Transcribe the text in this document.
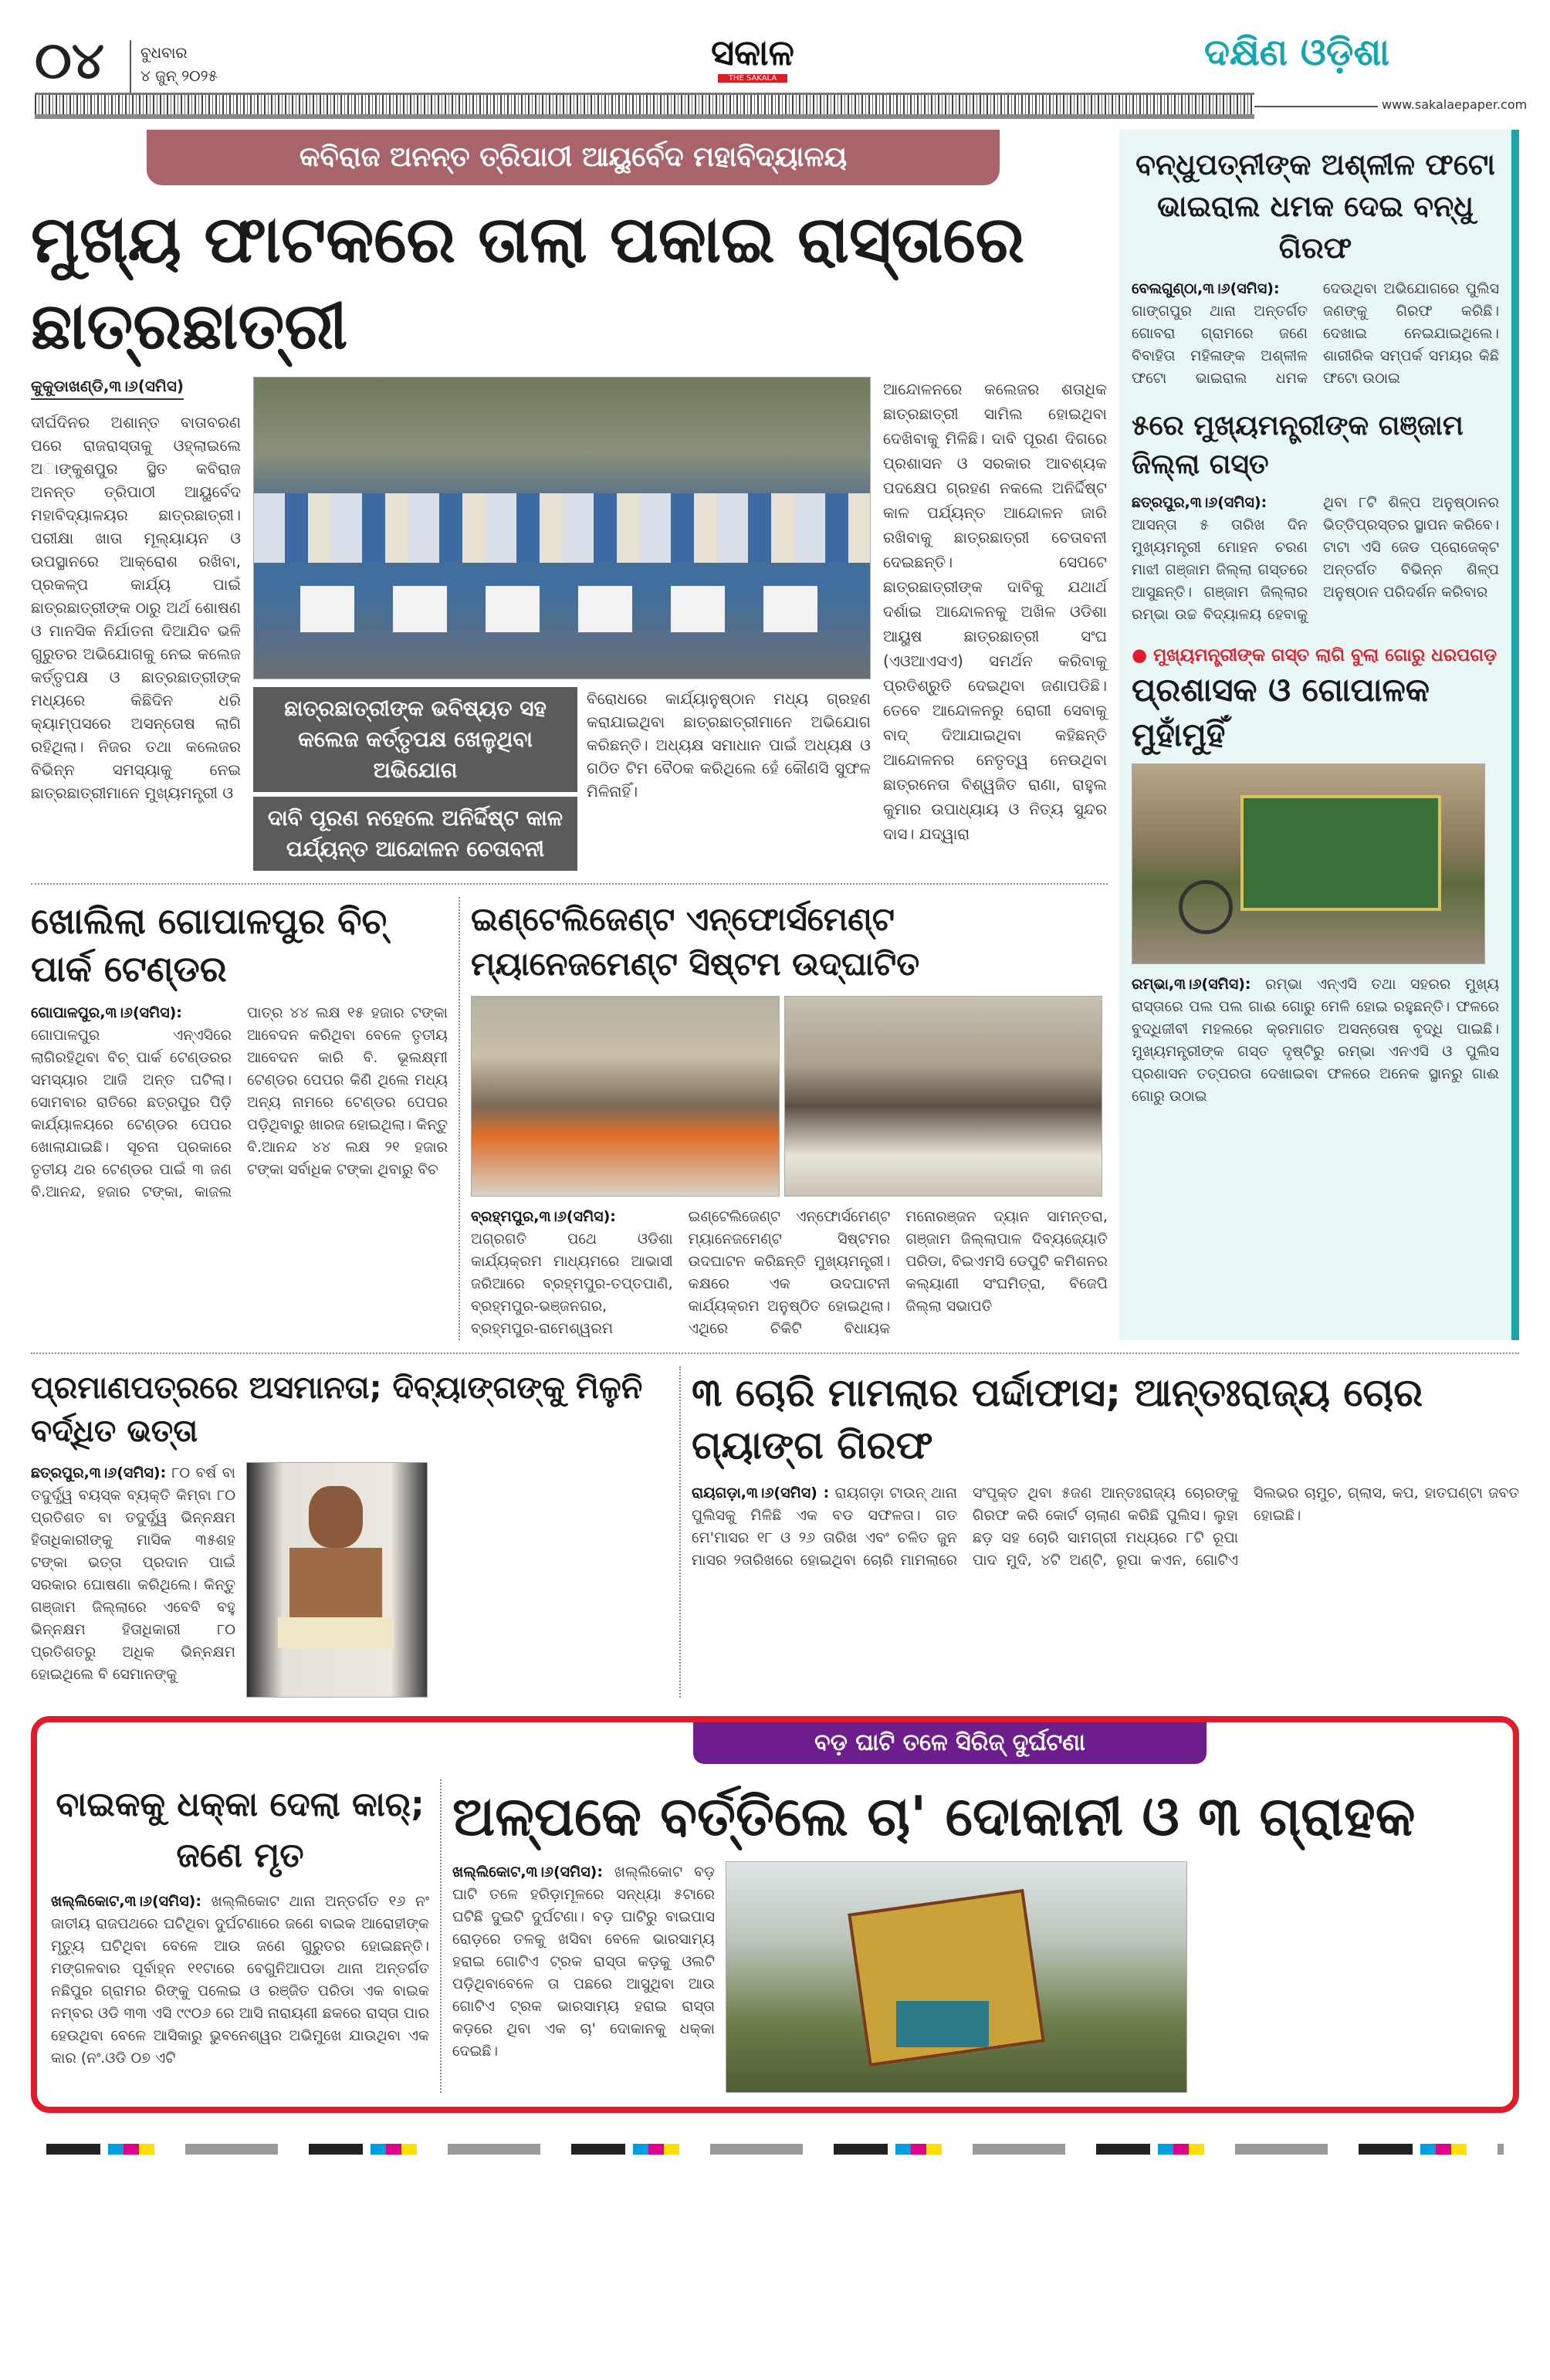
୦୪ ବୁଧବାର
୪ ଜୁନ୍ ୨୦୨୫
ସକାଳ
THE SAKALA
ଦକ୍ଷିଣ ଓଡ଼ିଶା
www.sakalaepaper.com
କବିରାଜ ଅନନ୍ତ ତ୍ରିପାଠୀ ଆୟୁର୍ବେଦ ମହାବିଦ୍ୟାଳୟ
ମୁଖ୍ୟ ଫାଟକରେ ତାଲା ପକାଇ ରାସ୍ତାରେ ଛାତ୍ରଛାତ୍ରୀ
କୁକୁଡାଖଣ୍ଡି,୩।୬(ସମିସ)
ଦୀର୍ଘଦିନର ଅଶାନ୍ତ ବାତାବରଣ ପରେ ରାଜରାସ୍ତାକୁ ଓହ୍ଲାଇଲେ ଅାଙ୍କୁଶପୁର ସ୍ଥିତ କବିରାଜ ଅନନ୍ତ ତ୍ରିପାଠୀ ଆୟୁର୍ବେଦ ମହାବିଦ୍ୟାଳୟର ଛାତ୍ରଛାତ୍ରୀ। ପରୀକ୍ଷା ଖାତା ମୂଲ୍ୟାୟନ ଓ ଉପସ୍ଥାନରେ ଆକ୍ରୋଶ ରଖିବା, ପ୍ରକଳ୍ପ କାର୍ଯ୍ୟ ପାଇଁ ଛାତ୍ରଛାତ୍ରୀଙ୍କ ଠାରୁ ଅର୍ଥ ଶୋଷଣ ଓ ମାନସିକ ନିର୍ଯାତନା ଦିଆଯିବ ଭଳି ଗୁରୁତର ଅଭିଯୋଗକୁ ନେଇ କଲେଜ କର୍ତ୍ତୃପକ୍ଷ ଓ ଛାତ୍ରଛାତ୍ରୀଙ୍କ ମଧ୍ୟରେ କିଛିଦିନ ଧରି କ୍ୟାମ୍ପସରେ ଅସନ୍ତୋଷ ଲାଗି ରହିଥିଲା। ନିଜର ତଥା କଲେଜର ବିଭିନ୍ନ ସମସ୍ୟାକୁ ନେଇ ଛାତ୍ରଛାତ୍ରୀମାନେ ମୁଖ୍ୟମନ୍ତ୍ରୀ ଓ
ଛାତ୍ରଛାତ୍ରୀଙ୍କ ଭବିଷ୍ୟତ ସହ କଲେଜ କର୍ତ୍ତୃପକ୍ଷ ଖେଳୁଥିବା ଅଭିଯୋଗ
ଦାବି ପୂରଣ ନହେଲେ ଅନିର୍ଦ୍ଦିଷ୍ଟ କାଳ ପର୍ଯ୍ୟନ୍ତ ଆନ୍ଦୋଳନ ଚେତାବନୀ
ବିରୋଧରେ କାର୍ଯ୍ୟାନୁଷ୍ଠାନ ମଧ୍ୟ ଗ୍ରହଣ କରାଯାଇଥିବା ଛାତ୍ରଛାତ୍ରୀମାନେ ଅଭିଯୋଗ କରିଛନ୍ତି। ଅଧ୍ୟକ୍ଷ ସମାଧାନ ପାଇଁ ଅଧ୍ୟକ୍ଷ ଓ ଗଠିତ ଟିମ ବୈଠକ କରିଥିଲେ ହେଁ କୌଣସି ସୁଫଳ ମିଳିନାହିଁ।
ଆନ୍ଦୋଳନରେ କଲେଜର ଶତାଧିକ ଛାତ୍ରଛାତ୍ରୀ ସାମିଲ ହୋଇଥିବା ଦେଖିବାକୁ ମିଳିଛି। ଦାବି ପୂରଣ ଦିଗରେ ପ୍ରଶାସନ ଓ ସରକାର ଆବଶ୍ୟକ ପଦକ୍ଷେପ ଗ୍ରହଣ ନକଲେ ଅନିର୍ଦ୍ଦିଷ୍ଟ କାଳ ପର୍ଯ୍ୟନ୍ତ ଆନ୍ଦୋଳନ ଜାରି ରଖିବାକୁ ଛାତ୍ରଛାତ୍ରୀ ଚେତାବନୀ ଦେଇଛନ୍ତି। ସେପଟେ ଛାତ୍ରଛାତ୍ରୀଙ୍କ ଦାବିକୁ ଯଥାର୍ଥ ଦର୍ଶାଇ ଆନ୍ଦୋଳନକୁ ଅଖିଳ ଓଡିଶା ଆୟୁଷ ଛାତ୍ରଛାତ୍ରୀ ସଂଘ (ଏଓଆଏସଏ) ସମର୍ଥନ କରିବାକୁ ପ୍ରତିଶ୍ରୁତି ଦେଇଥିବା ଜଣାପଡିଛି। ତେବେ ଆନ୍ଦୋଳନରୁ ରୋଗୀ ସେବାକୁ ବାଦ୍ ଦିଆଯାଇଥିବା କହିଛନ୍ତି ଆନ୍ଦୋଳନର ନେତୃତ୍ୱ ନେଉଥିବା ଛାତ୍ରନେତା ବିଶ୍ୱଜିତ ରାଣା, ରାହୁଲ କୁମାର ଉପାଧ୍ୟାୟ ଓ ନିତ୍ୟ ସୁନ୍ଦର ଦାସ। ଯଦ୍ୱାରା
ଖୋଲିଲା ଗୋପାଳପୁର ବିଚ୍ ପାର୍କ ଟେଣ୍ଡର
ଗୋପାଳପୁର,୩।୬(ସମିସ): ଗୋପାଳପୁର ଏନ୍ଏସିରେ ଲାଗିରହିଥିବା ବିଚ୍ ପାର୍କ ଟେଣ୍ଡରର ସମସ୍ୟାର ଆଜି ଅନ୍ତ ଘଟିଲା। ସୋମବାର ରାତିରେ ଛତ୍ରପୁର ପିଡ଼ି କାର୍ଯ୍ୟାଳୟରେ ଟେଣ୍ଡର ପେପର ଖୋଲାଯାଇଛି। ସୂଚନା ପ୍ରକାରେ ତୃତୀୟ ଥର ଟେଣ୍ଡର ପାଇଁ ୩ ଜଣ ବି.ଆନନ୍ଦ, ହଜାର ଟଙ୍କା, କାଜଲ ପାତ୍ର ୪୪ ଲକ୍ଷ ୧୫ ହଜାର ଟଙ୍କା ଆବେଦନ କରିଥିବା ବେଳେ ତୃତୀୟ ଆବେଦନ କାରି ବି. ଭୂଲକ୍ଷ୍ମୀ ଟେଣ୍ଡର ପେପର କିଣି ଥିଲେ ମଧ୍ୟ ଅନ୍ୟ ନାମରେ ଟେଣ୍ଡର ପେପର ପଡ଼ିଥିବାରୁ ଖାରଜ ହୋଇଥିଲା। କିନ୍ତୁ ବି.ଆନନ୍ଦ ୪୪ ଲକ୍ଷ ୨୧ ହଜାର ଟଙ୍କା ସର୍ବାଧିକ ଟଙ୍କା ଥିବାରୁ ବିଚ
ଇଣ୍ଟେଲିଜେଣ୍ଟ ଏନ୍‌ଫୋର୍ସମେଣ୍ଟ ମ୍ୟାନେଜମେଣ୍ଟ ସିଷ୍ଟମ ଉଦ୍‌ଘାଟିତ
ବ୍ରହ୍ମପୁର,୩।୬(ସମିସ): ଅଗ୍ରଗତି ପଥେ ଓଡିଶା କାର୍ଯ୍ୟକ୍ରମ ମାଧ୍ୟମରେ ଆଭାସୀ ଜରିଆରେ ବ୍ରହ୍ମପୁର-ତପ୍ତପାଣି, ବ୍ରହ୍ମପୁର-ଭଞ୍ଜନଗର, ବ୍ରହ୍ମପୁର-ରାମେଶ୍ୱରମ ଇଣ୍ଟେଲିଜେଣ୍ଟ ଏନ୍ଫୋର୍ସମେଣ୍ଟ ମ୍ୟାନେଜମେଣ୍ଟ ସିଷ୍ଟମର ଉଦଘାଟନ କରିଛନ୍ତି ମୁଖ୍ୟମନ୍ତ୍ରୀ। କକ୍ଷରେ ଏକ ଉଦଘାଟନୀ କାର୍ଯ୍ୟକ୍ରମ ଅନୁଷ୍ଠିତ ହୋଇଥିଲା। ଏଥିରେ ଚିକିଟି ବିଧାୟକ ମନୋରଞ୍ଜନ ଦ୍ୟାନ ସାମନ୍ତରା, ଗଞ୍ଜାମ ଜିଲ୍ଲାପାଳ ଦିବ୍ୟଜ୍ୟୋତି ପରିଡା, ବିଇଏମସି ଡେପୁଟି କମିଶନର କଲ୍ୟାଣୀ ସଂଘମିତ୍ରା, ବିଜେପି ଜିଲ୍ଲା ସଭାପତି
ବନ୍ଧୁପତ୍ନୀଙ୍କ ଅଶ୍ଳୀଳ ଫଟୋ ଭାଇରାଲ ଧମକ ଦେଇ ବନ୍ଧୁ ଗିରଫ
ବେଲଗୁଣ୍ଠା,୩।୬(ସମିସ): ଗାଙ୍ଗପୁର ଥାନା ଅନ୍ତର୍ଗତ ଗୋବରା ଗ୍ରାମରେ ଜଣେ ବିବାହିତା ମହିଳାଙ୍କ ଅଶ୍ଳୀଳ ଫଟୋ ଭାଇରାଲ ଧମକ ଦେଉଥିବା ଅଭିଯୋଗରେ ପୁଲିସ ଜଣଙ୍କୁ ଗିରଫ କରିଛି। ଦେଖାଇ ନେଇଯାଇଥିଲେ। ଶାରୀରିକ ସମ୍ପର୍କ ସମୟର କିଛି ଫଟୋ ଉଠାଇ
୫ରେ ମୁଖ୍ୟମନ୍ତ୍ରୀଙ୍କ ଗଞ୍ଜାମ ଜିଲ୍ଲା ଗସ୍ତ
ଛତ୍ରପୁର,୩।୬(ସମିସ): ଆସନ୍ତା ୫ ତାରିଖ ଦିନ ମୁଖ୍ୟମନ୍ତ୍ରୀ ମୋହନ ଚରଣ ମାଝୀ ଗଞ୍ଜାମ ଜିଲ୍ଲା ଗସ୍ତରେ ଆସୁଛନ୍ତି। ଗଞ୍ଜାମ ଜିଲ୍ଲାର ରମ୍ଭା ଉଚ୍ଚ ବିଦ୍ୟାଳୟ ହେବାକୁ ଥିବା ୮ଟି ଶିଳ୍ପ ଅନୁଷ୍ଠାନର ଭିତ୍ତିପ୍ରସ୍ତର ସ୍ଥାପନ କରିବେ। ଟାଟା ଏସି ଜେଡ ପ୍ରୋଜେକ୍ଟ ଅନ୍ତର୍ଗତ ବିଭିନ୍ନ ଶିଳ୍ପ ଅନୁଷ୍ଠାନ ପରିଦର୍ଶନ କରିବାର
● ମୁଖ୍ୟମନ୍ତ୍ରୀଙ୍କ ଗସ୍ତ ଲାଗି ବୁଲା ଗୋରୁ ଧରପଗଡ଼
ପ୍ରଶାସକ ଓ ଗୋପାଳକ ମୁହାଁମୁହିଁ
ରମ୍ଭା,୩।୬(ସମିସ): ରମ୍ଭା ଏନ୍ଏସି ତଥା ସହରର ମୁଖ୍ୟ ରାସ୍ତାରେ ପଲ ପଲ ଗାଈ ଗୋରୁ ମେଳି ହୋଇ ରହୁଛନ୍ତି। ଫଳରେ ବୁଦ୍ଧିଜୀବୀ ମହଲରେ କ୍ରମାଗତ ଅସନ୍ତୋଷ ବୃଦ୍ଧି ପାଇଛି। ମୁଖ୍ୟମନ୍ତ୍ରୀଙ୍କ ଗସ୍ତ ଦୃଷ୍ଟିରୁ ରମ୍ଭା ଏନଏସି ଓ ପୁଲିସ ପ୍ରଶାସନ ତତ୍ପରତା ଦେଖାଇବା ଫଳରେ ଅନେକ ସ୍ଥାନରୁ ଗାଈ ଗୋରୁ ଉଠାଇ
ପ୍ରମାଣପତ୍ରରେ ଅସମାନତା; ଦିବ୍ୟାଙ୍ଗଙ୍କୁ ମିଳୁନି ବର୍ଦ୍ଧିତ ଭତ୍ତା
ଛତ୍ରପୁର,୩।୬(ସମିସ): ୮୦ ବର୍ଷ ବା ତଦୁର୍ଦ୍ଧ୍ୱ ବୟସ୍କ ବ୍ୟକ୍ତି କିମ୍ବା ୮୦ ପ୍ରତିଶତ ବା ତଦୁର୍ଦ୍ଧ୍ୱ ଭିନ୍ନକ୍ଷମ ହିତାଧିକାରୀଙ୍କୁ ମାସିକ ୩୫ଶହ ଟଙ୍କା ଭତ୍ତା ପ୍ରଦାନ ପାଇଁ ସରକାର ଘୋଷଣା କରିଥିଲେ। କିନ୍ତୁ ଗଞ୍ଜାମ ଜିଲ୍ଲାରେ ଏବେବି ବହୁ ଭିନ୍ନକ୍ଷମ ହିତାଧିକାରୀ ୮୦ ପ୍ରତିଶତରୁ ଅଧିକ ଭିନ୍ନକ୍ଷମ ହୋଇଥିଲେ ବି ସେମାନଙ୍କୁ
୩ ଚୋରି ମାମଲାର ପର୍ଦ୍ଦାଫାସ; ଆନ୍ତଃରାଜ୍ୟ ଚୋର ଗ୍ୟାଙ୍ଗ ଗିରଫ
ରାୟଗଡ଼ା,୩।୬(ସମିସ) : ରାୟଗଡ଼ା ଟାଉନ୍ ଥାନା ପୁଲିସକୁ ମିଳିଛି ଏକ ବଡ ସଫଳତା। ଗତ ମେ'ମାସର ୧୮ ଓ ୨୬ ତାରିଖ ଏବଂ ଚଳିତ ଜୁନ ମାସର ୨ତାରିଖରେ ହୋଇଥିବା ଚୋରି ମାମଲାରେ ସଂପୃକ୍ତ ଥିବା ୫ଜଣ ଆନ୍ତଃରାଜ୍ୟ ଚୋରଙ୍କୁ ଗିରଫ କରି କୋର୍ଟ ଚାଲାଣ କରିଛି ପୁଲିସ। ଲୁହା ଛଡ଼ ସହ ଚୋରି ସାମଗ୍ରୀ ମଧ୍ୟରେ ୮ଟି ରୂପା ପାଦ ମୁଦି, ୪ଟି ଅଣ୍ଟି, ରୂପା କଏନ, ଗୋଟିଏ ସିଲଭର ଚାମୁଚ, ଗ୍ଲାସ, କପ, ହାତଘଣ୍ଟା ଜବତ ହୋଇଛି।
ବଡ଼ ଘାଟି ତଳେ ସିରିଜ୍ ଦୁର୍ଘଟଣା
ବାଇକକୁ ଧକ୍କା ଦେଲା କାର୍; ଜଣେ ମୃତ
ଖଲ୍ଲିକୋଟ,୩।୬(ସମିସ): ଖଲ୍ଲିକୋଟ ଥାନା ଅନ୍ତର୍ଗତ ୧୬ ନଂ ଜାତୀୟ ରାଜପଥରେ ଘଟିଥିବା ଦୁର୍ଘଟଣାରେ ଜଣେ ବାଇକ ଆରୋହୀଙ୍କ ମୃତ୍ୟୁ ଘଟିଥିବା ବେଳେ ଆଉ ଜଣେ ଗୁରୁତର ହୋଇଛନ୍ତି। ମଙ୍ଗଳବାର ପୂର୍ବାହ୍ନ ୧୧ଟାରେ ବେଗୁନିଆପଡା ଥାନା ଅନ୍ତର୍ଗତ ନଛିପୁର ଗ୍ରାମର ରିଙ୍କୁ ପଲେଇ ଓ ରଞ୍ଜିତ ପରିଡା ଏକ ବାଇକ ନମ୍ବର ଓଡି ୩୩ ଏସି ୯୯୦୬ ରେ ଆସି ନାରାୟଣୀ ଛକରେ ରାସ୍ତା ପାର ହେଉଥିବା ବେଳେ ଆସିକାରୁ ଭୁବନେଶ୍ୱର ଅଭିମୁଖେ ଯାଉଥିବା ଏକ କାର (ନଂ.ଓଡି ୦୭ ଏଟି
ଅଳ୍ପକେ ବର୍ତ୍ତିଲେ ଚା' ଦୋକାନୀ ଓ ୩ ଗ୍ରାହକ
ଖଲ୍ଲିକୋଟ,୩।୬(ସମିସ): ଖଲ୍ଲିକୋଟ ବଡ଼ ଘାଟି ତଳେ ହରିଡ଼ାମୂଳରେ ସନ୍ଧ୍ୟା ୫ଟାରେ ଘଟିଛି ଦୁଇଟି ଦୁର୍ଘଟଣା। ବଡ଼ ଘାଟିରୁ ବାଇପାସ ରୋଡ଼ରେ ତଳକୁ ଖସିବା ବେଳେ ଭାରସାମ୍ୟ ହରାଇ ଗୋଟିଏ ଟ୍ରକ ରାସ୍ତା କଡ଼କୁ ଓଲଟି ପଡ଼ିଥିବାବେଳେ ତା ପଛରେ ଆସୁଥିବା ଆଉ ଗୋଟିଏ ଟ୍ରକ ଭାରସାମ୍ୟ ହରାଇ ରାସ୍ତା କଡ଼ରେ ଥିବା ଏକ ଚା' ଦୋକାନକୁ ଧକ୍କା ଦେଇଛି।
